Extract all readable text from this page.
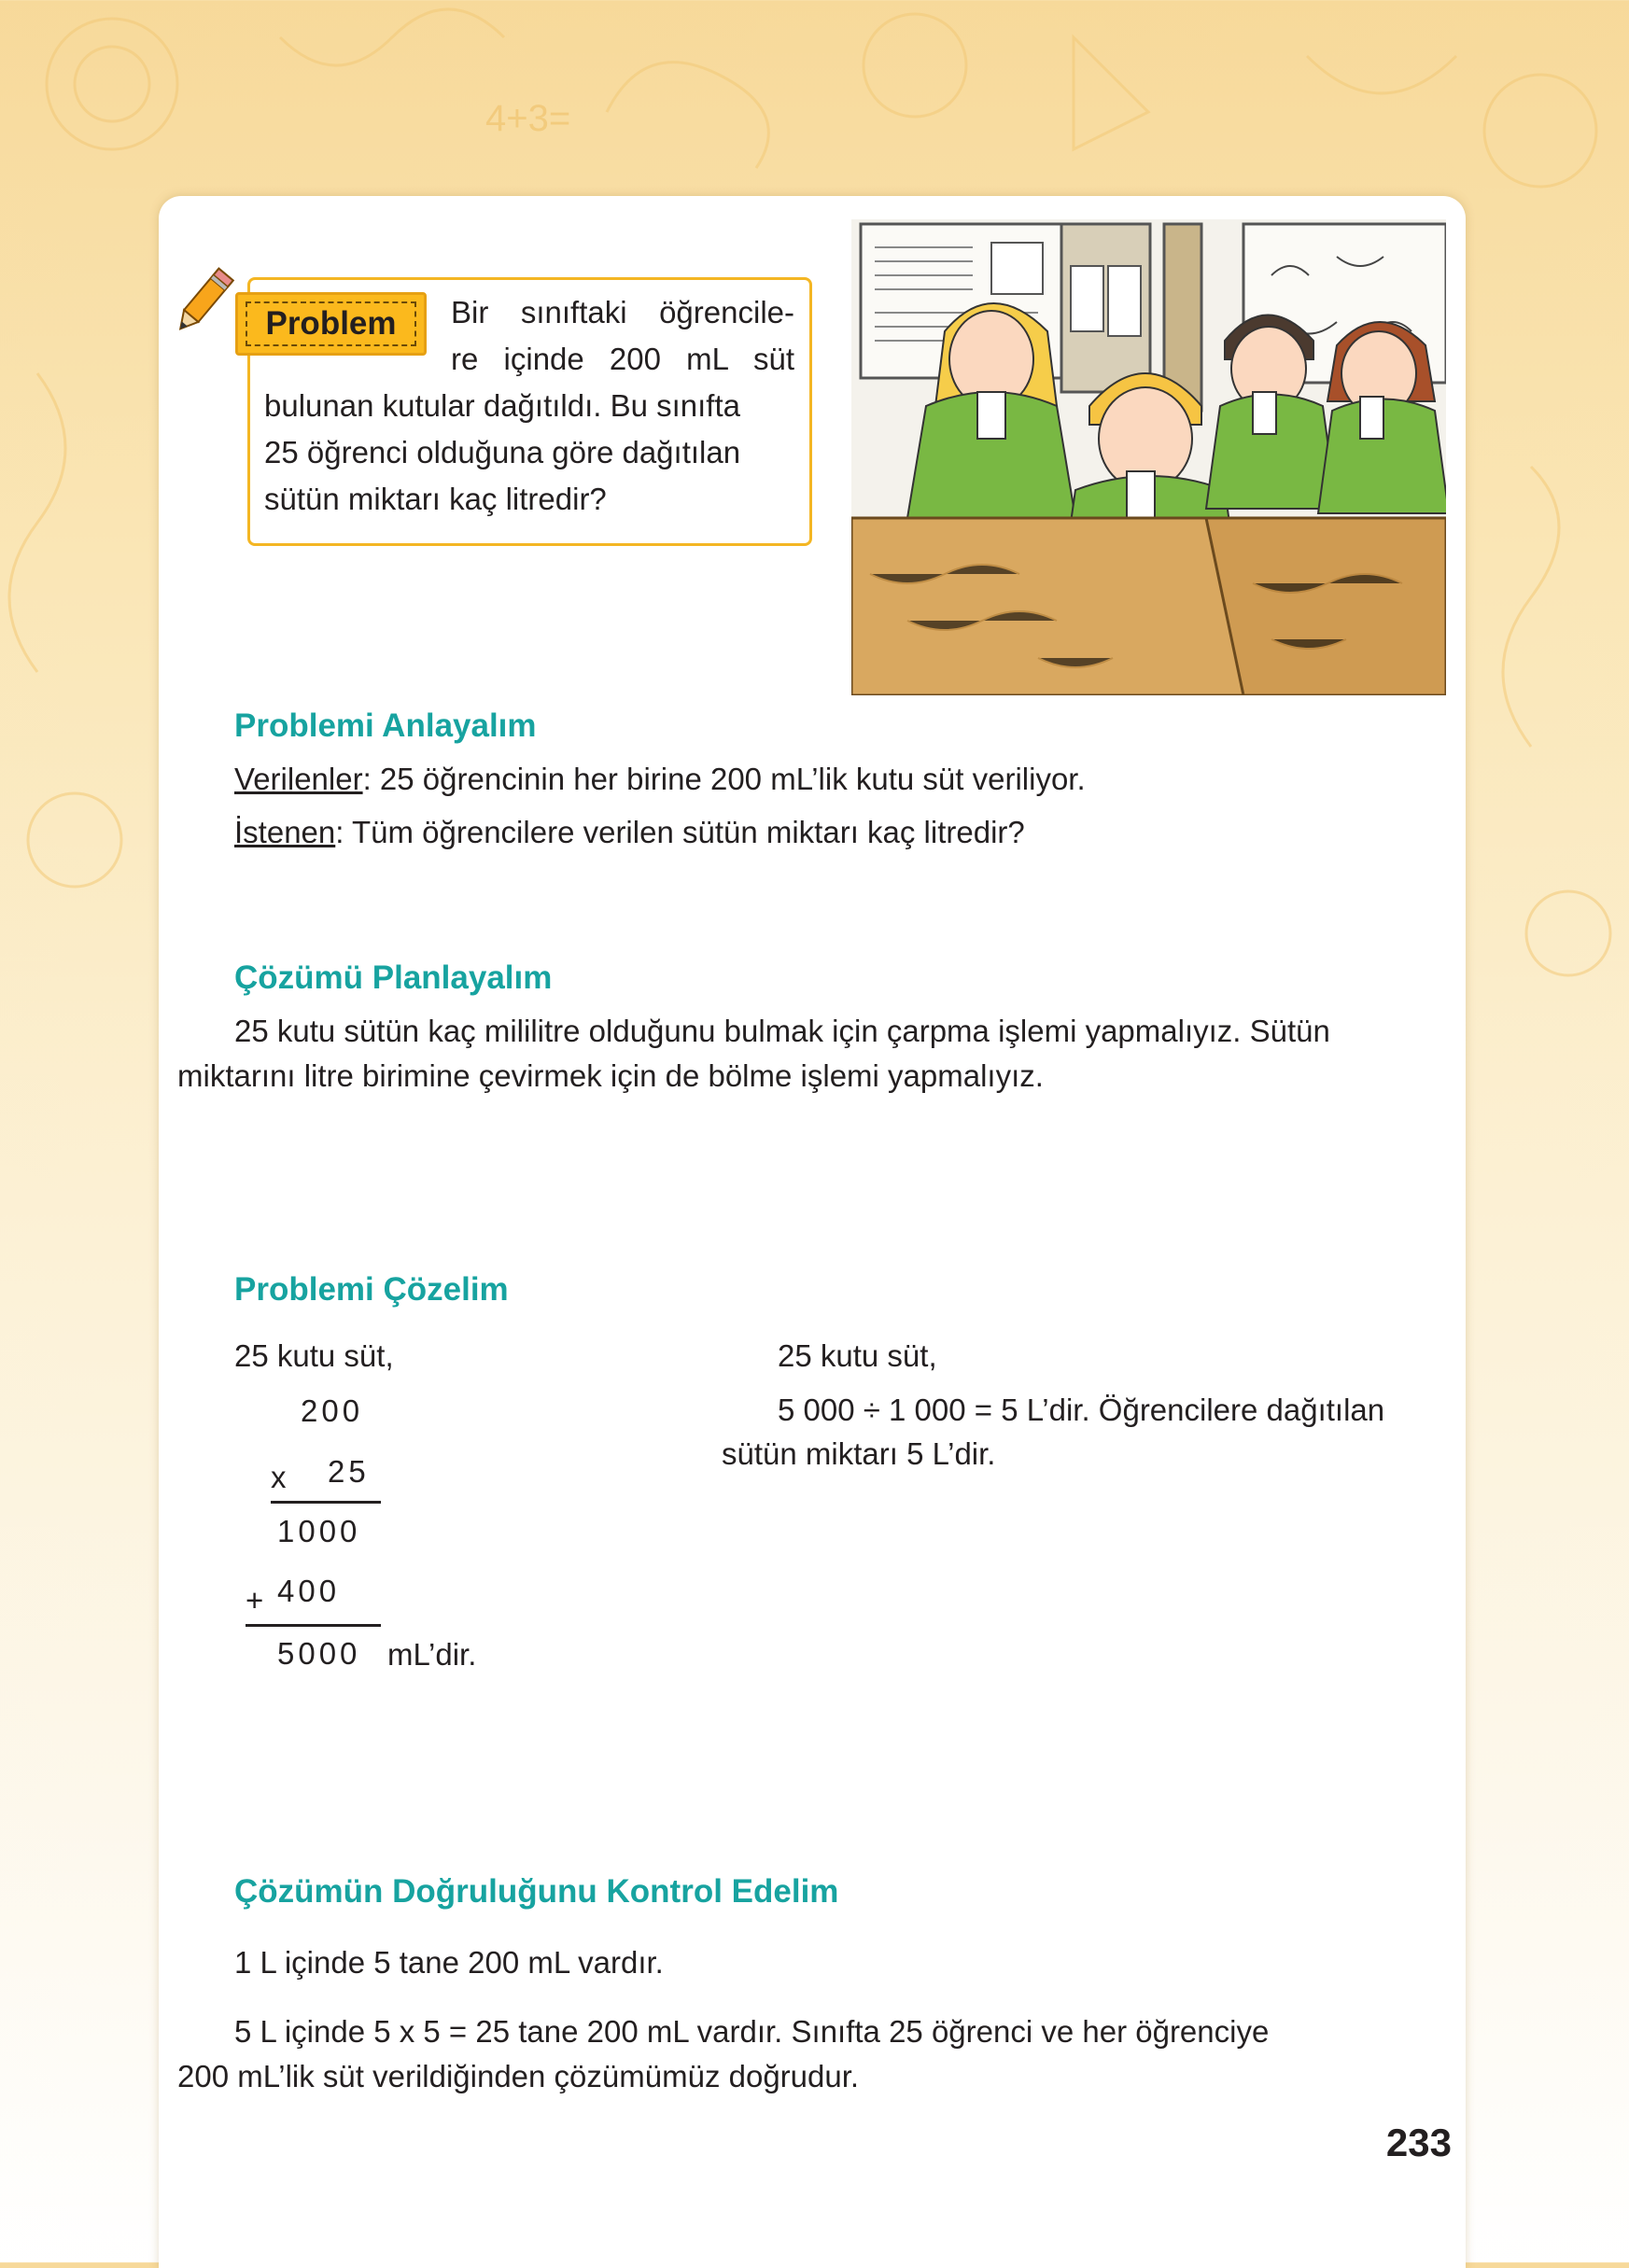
4+3=
Problem	Bir sınıftaki öğrencile-
re içinde 200 mL süt
bulunan kutular dağıtıldı. Bu sınıfta
25 öğrenci olduğuna göre dağıtılan
sütün miktarı kaç litredir?
Problemi Anlayalım
Verilenler: 25 öğrencinin her birine 200 mL’lik kutu süt veriliyor.
İstenen: Tüm öğrencilere verilen sütün miktarı kaç litredir?
Çözümü Planlayalım
25 kutu sütün kaç mililitre olduğunu bulmak için çarpma işlemi yapmalıyız. Sütün
miktarını litre birimine çevirmek için de bölme işlemi yapmalıyız.
Problemi Çözelim
25 kutu süt,
200
x 25
1000
+ 400
5000 mL’dir.
25 kutu süt,
5 000 ÷ 1 000 = 5 L’dir. Öğrencilere dağıtılan
sütün miktarı 5 L’dir.
Çözümün Doğruluğunu Kontrol Edelim
1 L içinde 5 tane 200 mL vardır.
5 L içinde 5 x 5 = 25 tane 200 mL vardır. Sınıfta 25 öğrenci ve her öğrenciye
200 mL’lik süt verildiğinden çözümümüz doğrudur.
233
